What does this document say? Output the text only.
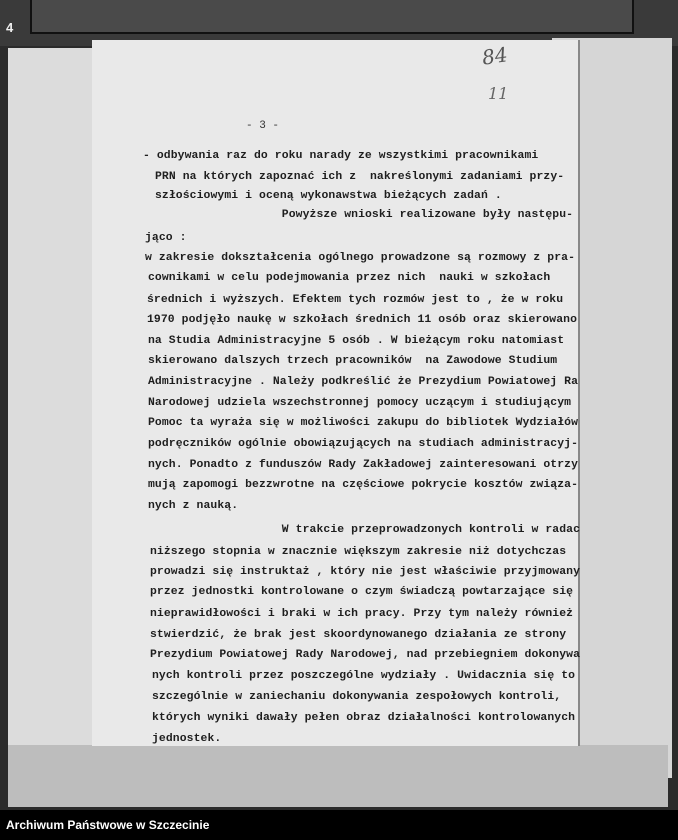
4
84
11
- 3 -
- odbywania raz do roku narady ze wszystkimi pracownikami
PRN na których zapoznać ich z  nakreślonymi zadaniami przy-
szłościowymi i oceną wykonawstwa bieżących zadań .
Powyższe wnioski realizowane były następu-
jąco :
w zakresie dokształcenia ogólnego prowadzone są rozmowy z pra-
cownikami w celu podejmowania przez nich  nauki w szkołach
średnich i wyższych. Efektem tych rozmów jest to , że w roku
1970 podjęło naukę w szkołach średnich 11 osób oraz skierowano
na Studia Administracyjne 5 osób . W bieżącym roku natomiast
skierowano dalszych trzech pracowników  na Zawodowe Studium
Administracyjne . Należy podkreślić że Prezydium Powiatowej Ra
Narodowej udziela wszechstronnej pomocy uczącym i studiującym
Pomoc ta wyraża się w możliwości zakupu do bibliotek Wydziałów
podręczników ogólnie obowiązujących na studiach administracyj-
nych. Ponadto z funduszów Rady Zakładowej zainteresowani otrzy
mują zapomogi bezzwrotne na częściowe pokrycie kosztów związa-
nych z nauką.
W trakcie przeprowadzonych kontroli w radac
niższego stopnia w znacznie większym zakresie niż dotychczas
prowadzi się instruktaż , który nie jest właściwie przyjmowany
przez jednostki kontrolowane o czym świadczą powtarzające się
nieprawidłowości i braki w ich pracy. Przy tym należy również
stwierdzić, że brak jest skoordynowanego działania ze strony
Prezydium Powiatowej Rady Narodowej, nad przebiegniem dokonywa
nych kontroli przez poszczególne wydziały . Uwidacznia się to
szczególnie w zaniechaniu dokonywania zespołowych kontroli,
których wyniki dawały pełen obraz działalności kontrolowanych
jednostek.
Archiwum Państwowe w Szczecinie
